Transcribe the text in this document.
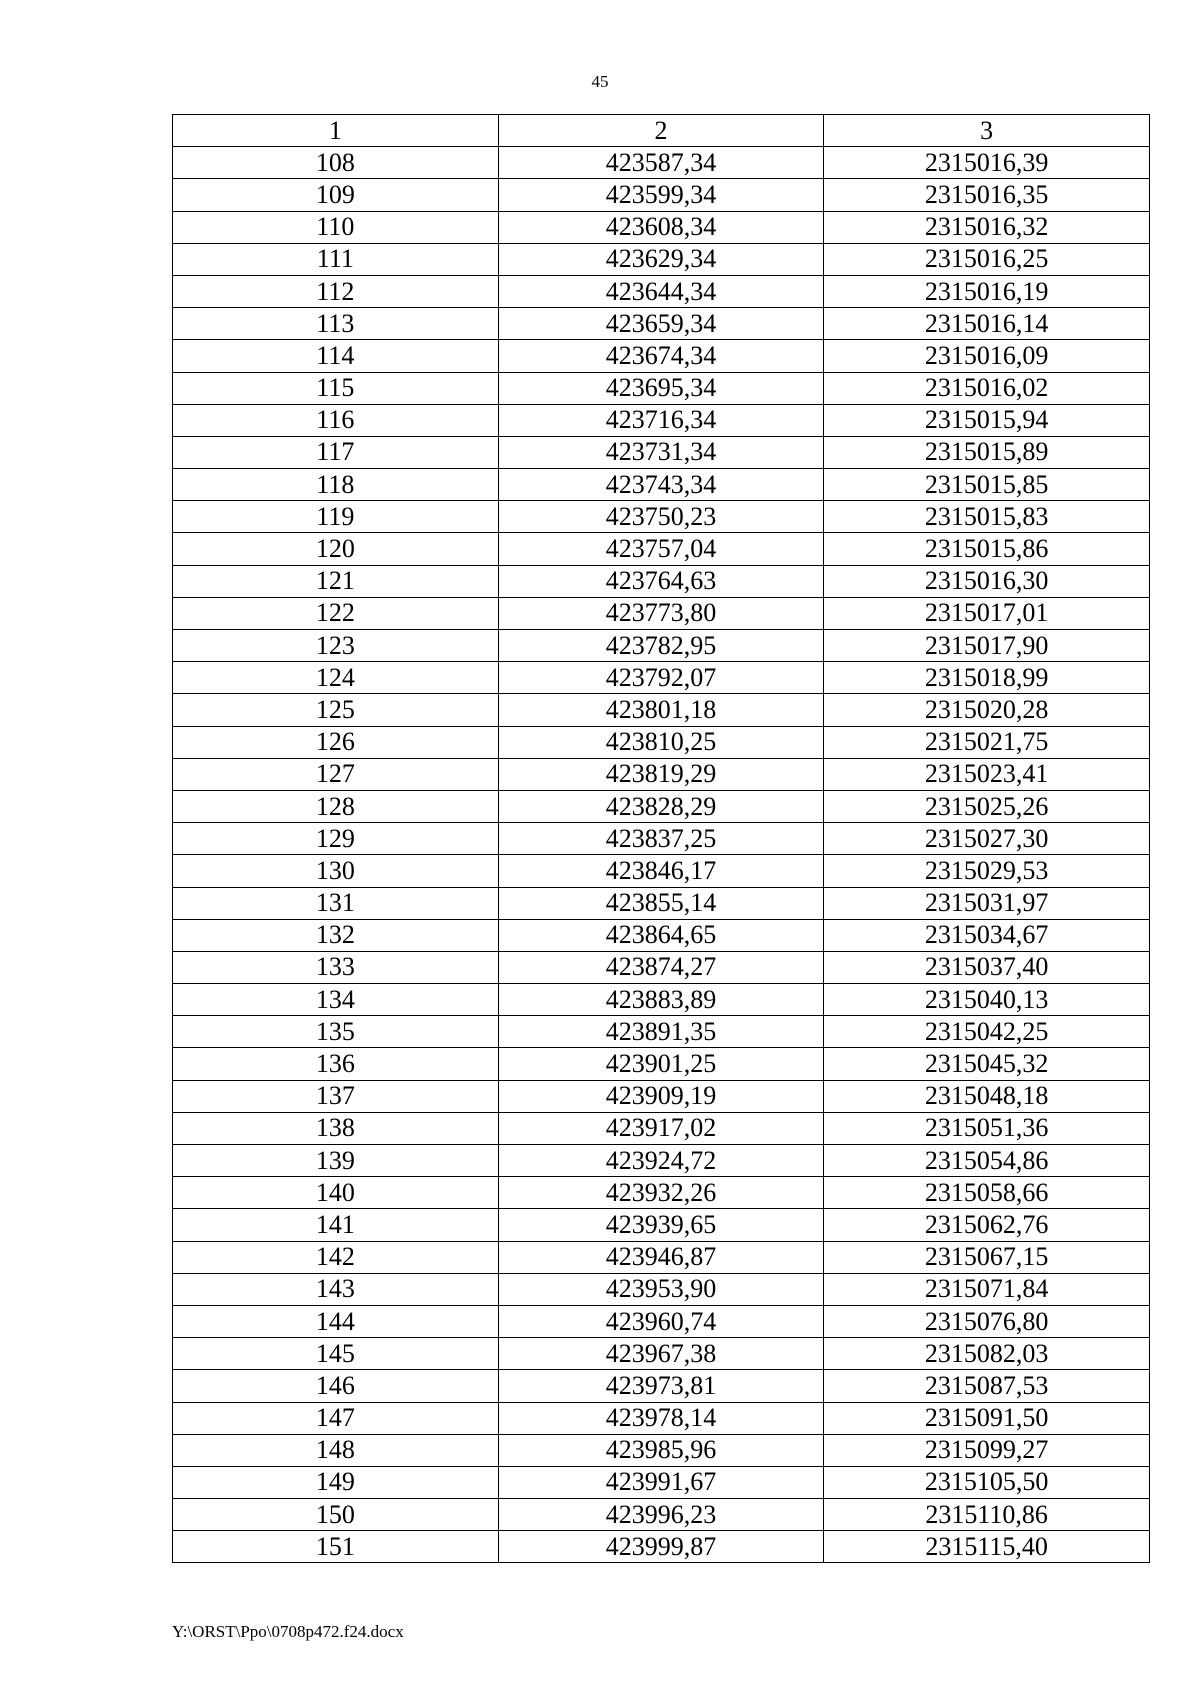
45
1	2	3
108	423587,34	2315016,39
109	423599,34	2315016,35
110	423608,34	2315016,32
111	423629,34	2315016,25
112	423644,34	2315016,19
113	423659,34	2315016,14
114	423674,34	2315016,09
115	423695,34	2315016,02
116	423716,34	2315015,94
117	423731,34	2315015,89
118	423743,34	2315015,85
119	423750,23	2315015,83
120	423757,04	2315015,86
121	423764,63	2315016,30
122	423773,80	2315017,01
123	423782,95	2315017,90
124	423792,07	2315018,99
125	423801,18	2315020,28
126	423810,25	2315021,75
127	423819,29	2315023,41
128	423828,29	2315025,26
129	423837,25	2315027,30
130	423846,17	2315029,53
131	423855,14	2315031,97
132	423864,65	2315034,67
133	423874,27	2315037,40
134	423883,89	2315040,13
135	423891,35	2315042,25
136	423901,25	2315045,32
137	423909,19	2315048,18
138	423917,02	2315051,36
139	423924,72	2315054,86
140	423932,26	2315058,66
141	423939,65	2315062,76
142	423946,87	2315067,15
143	423953,90	2315071,84
144	423960,74	2315076,80
145	423967,38	2315082,03
146	423973,81	2315087,53
147	423978,14	2315091,50
148	423985,96	2315099,27
149	423991,67	2315105,50
150	423996,23	2315110,86
151	423999,87	2315115,40
Y:\ORST\Ppo\0708p472.f24.docx
